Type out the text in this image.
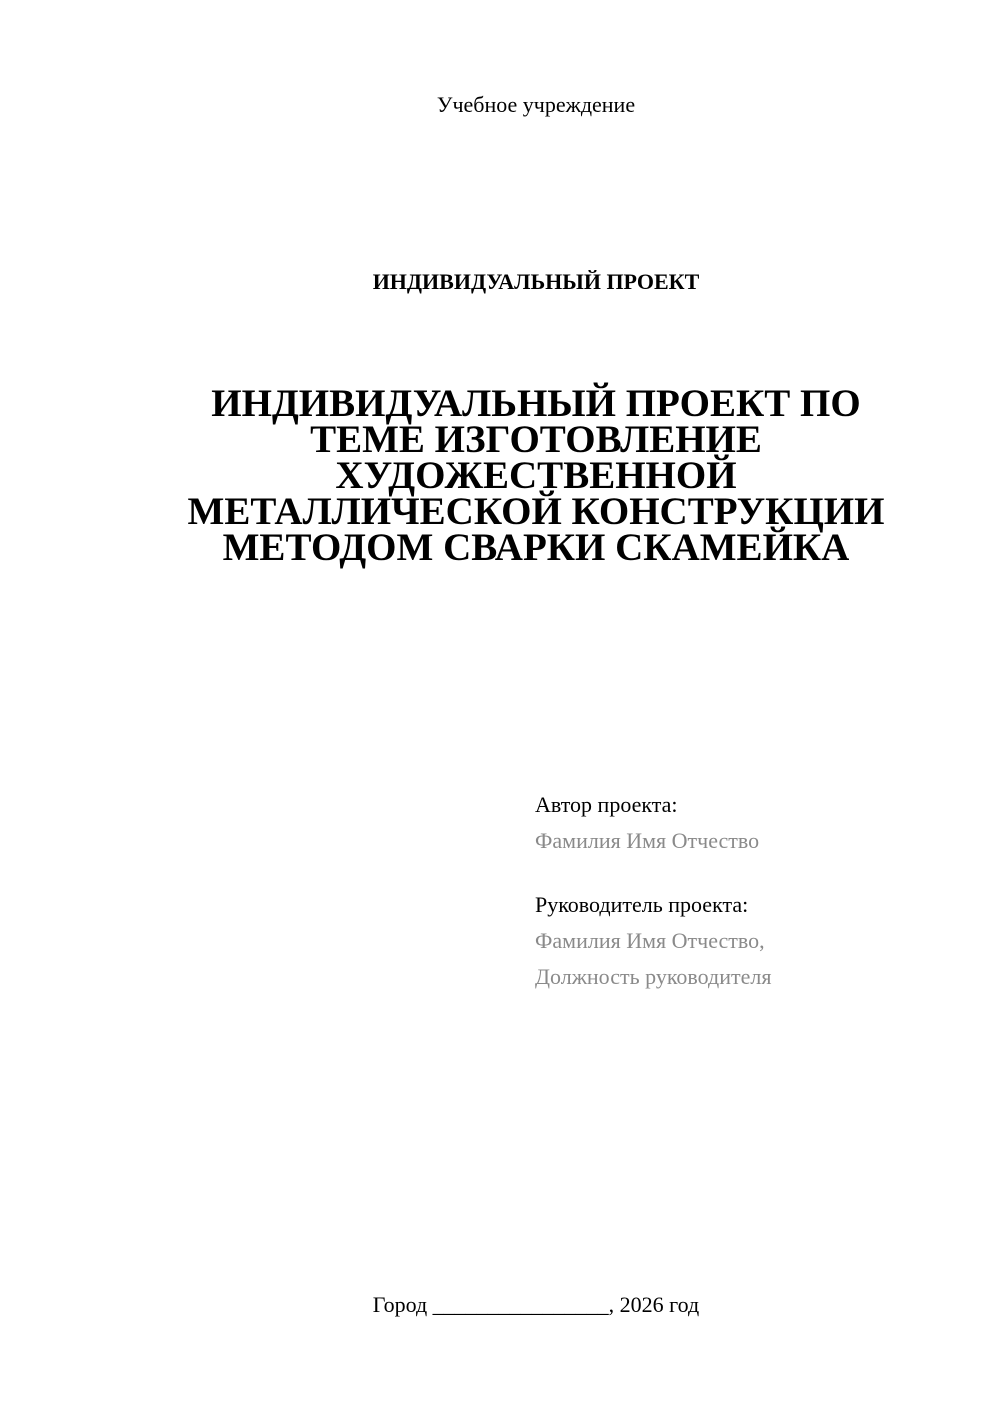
Учебное учреждение
ИНДИВИДУАЛЬНЫЙ ПРОЕКТ
ИНДИВИДУАЛЬНЫЙ ПРОЕКТ ПО
ТЕМЕ ИЗГОТОВЛЕНИЕ
ХУДОЖЕСТВЕННОЙ
МЕТАЛЛИЧЕСКОЙ КОНСТРУКЦИИ
МЕТОДОМ СВАРКИ СКАМЕЙКА
Автор проекта:
Фамилия Имя Отчество
Руководитель проекта:
Фамилия Имя Отчество,
Должность руководителя
Город ________________, 2026 год
